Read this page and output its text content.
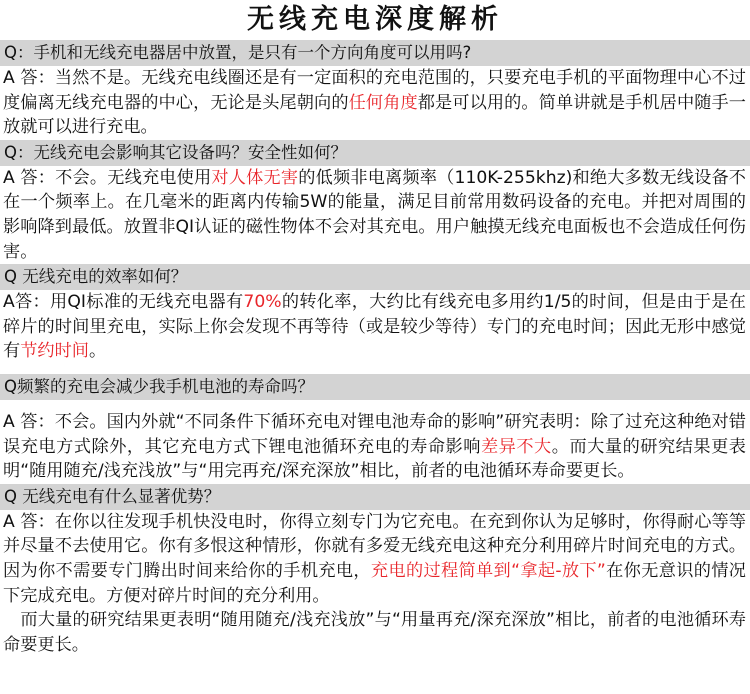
无线充电深度解析
Q：手机和无线充电器居中放置，是只有一个方向角度可以用吗?
A 答：当然不是。无线充电线圈还是有一定面积的充电范围的，只要充电手机的平面物理中心不过度偏离无线充电器的中心，无论是头尾朝向的任何角度都是可以用的。简单讲就是手机居中随手一放就可以进行充电。
Q：无线充电会影响其它设备吗？安全性如何？
A 答：不会。无线充电使用对人体无害的低频非电离频率（110K-255khz)和绝大多数无线设备不在一个频率上。在几毫米的距离内传输5W的能量，满足目前常用数码设备的充电。并把对周围的影响降到最低。放置非QI认证的磁性物体不会对其充电。用户触摸无线充电面板也不会造成任何伤害。
Q 无线充电的效率如何？
A答：用QI标准的无线充电器有70%的转化率，大约比有线充电多用约1/5的时间，但是由于是在碎片的时间里充电，实际上你会发现不再等待（或是较少等待）专门的充电时间；因此无形中感觉有节约时间。
Q频繁的充电会减少我手机电池的寿命吗？
A 答：不会。国内外就“不同条件下循环充电对锂电池寿命的影响”研究表明：除了过充这种绝对错误充电方式除外，其它充电方式下锂电池循环充电的寿命影响差异不大。而大量的研究结果更表明“随用随充/浅充浅放”与“用完再充/深充深放”相比，前者的电池循环寿命要更长。
Q 无线充电有什么显著优势？
A 答：在你以往发现手机快没电时，你得立刻专门为它充电。在充到你认为足够时，你得耐心等等并尽量不去使用它。你有多恨这种情形，你就有多爱无线充电这种充分利用碎片时间充电的方式。因为你不需要专门腾出时间来给你的手机充电，充电的过程简单到“拿起-放下”在你无意识的情况下完成充电。方便对碎片时间的充分利用。
　而大量的研究结果更表明“随用随充/浅充浅放”与“用量再充/深充深放”相比，前者的电池循环寿命要更长。
